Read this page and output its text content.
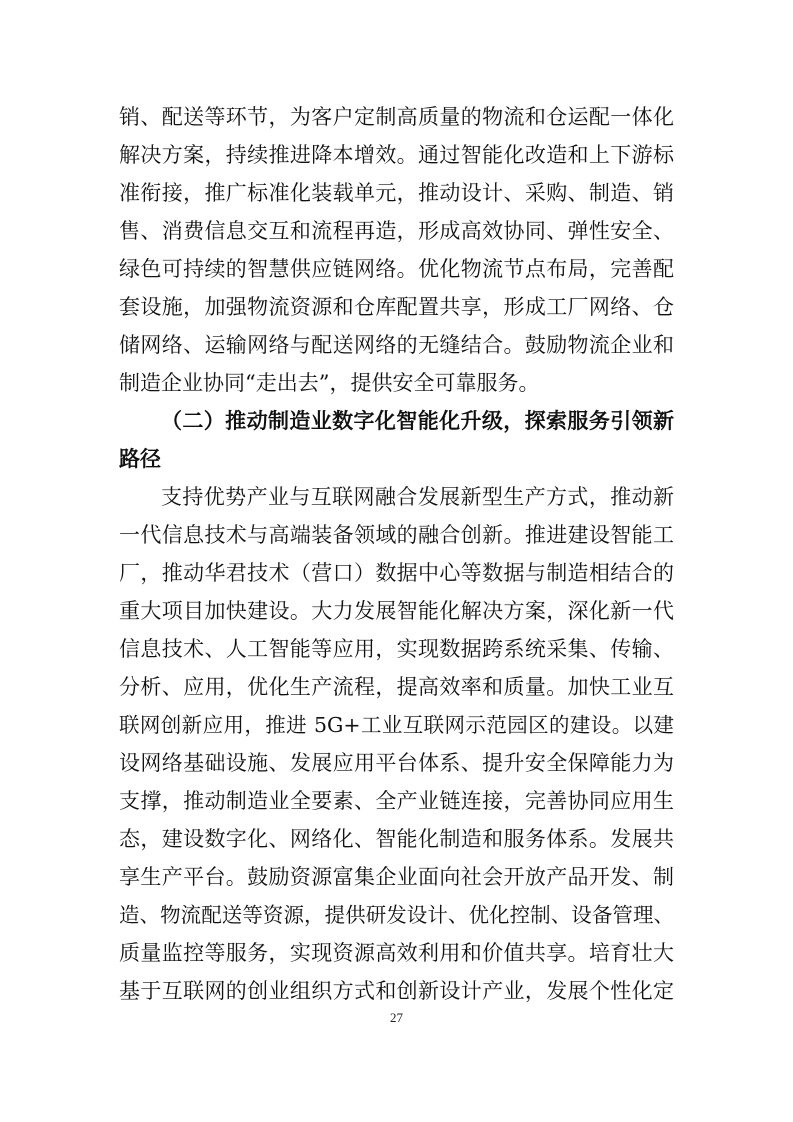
销、配送等环节，为客户定制高质量的物流和仓运配一体化
解决方案，持续推进降本增效。通过智能化改造和上下游标
准衔接，推广标准化装载单元，推动设计、采购、制造、销
售、消费信息交互和流程再造，形成高效协同、弹性安全、
绿色可持续的智慧供应链网络。优化物流节点布局，完善配
套设施，加强物流资源和仓库配置共享，形成工厂网络、仓
储网络、运输网络与配送网络的无缝结合。鼓励物流企业和
制造企业协同“走出去”，提供安全可靠服务。
（二）推动制造业数字化智能化升级，探索服务引领新
路径
支持优势产业与互联网融合发展新型生产方式，推动新
一代信息技术与高端装备领域的融合创新。推进建设智能工
厂，推动华君技术（营口）数据中心等数据与制造相结合的
重大项目加快建设。大力发展智能化解决方案，深化新一代
信息技术、人工智能等应用，实现数据跨系统采集、传输、
分析、应用，优化生产流程，提高效率和质量。加快工业互
联网创新应用，推进 5G+工业互联网示范园区的建设。以建
设网络基础设施、发展应用平台体系、提升安全保障能力为
支撑，推动制造业全要素、全产业链连接，完善协同应用生
态，建设数字化、网络化、智能化制造和服务体系。发展共
享生产平台。鼓励资源富集企业面向社会开放产品开发、制
造、物流配送等资源，提供研发设计、优化控制、设备管理、
质量监控等服务，实现资源高效利用和价值共享。培育壮大
基于互联网的创业组织方式和创新设计产业，发展个性化定
27
